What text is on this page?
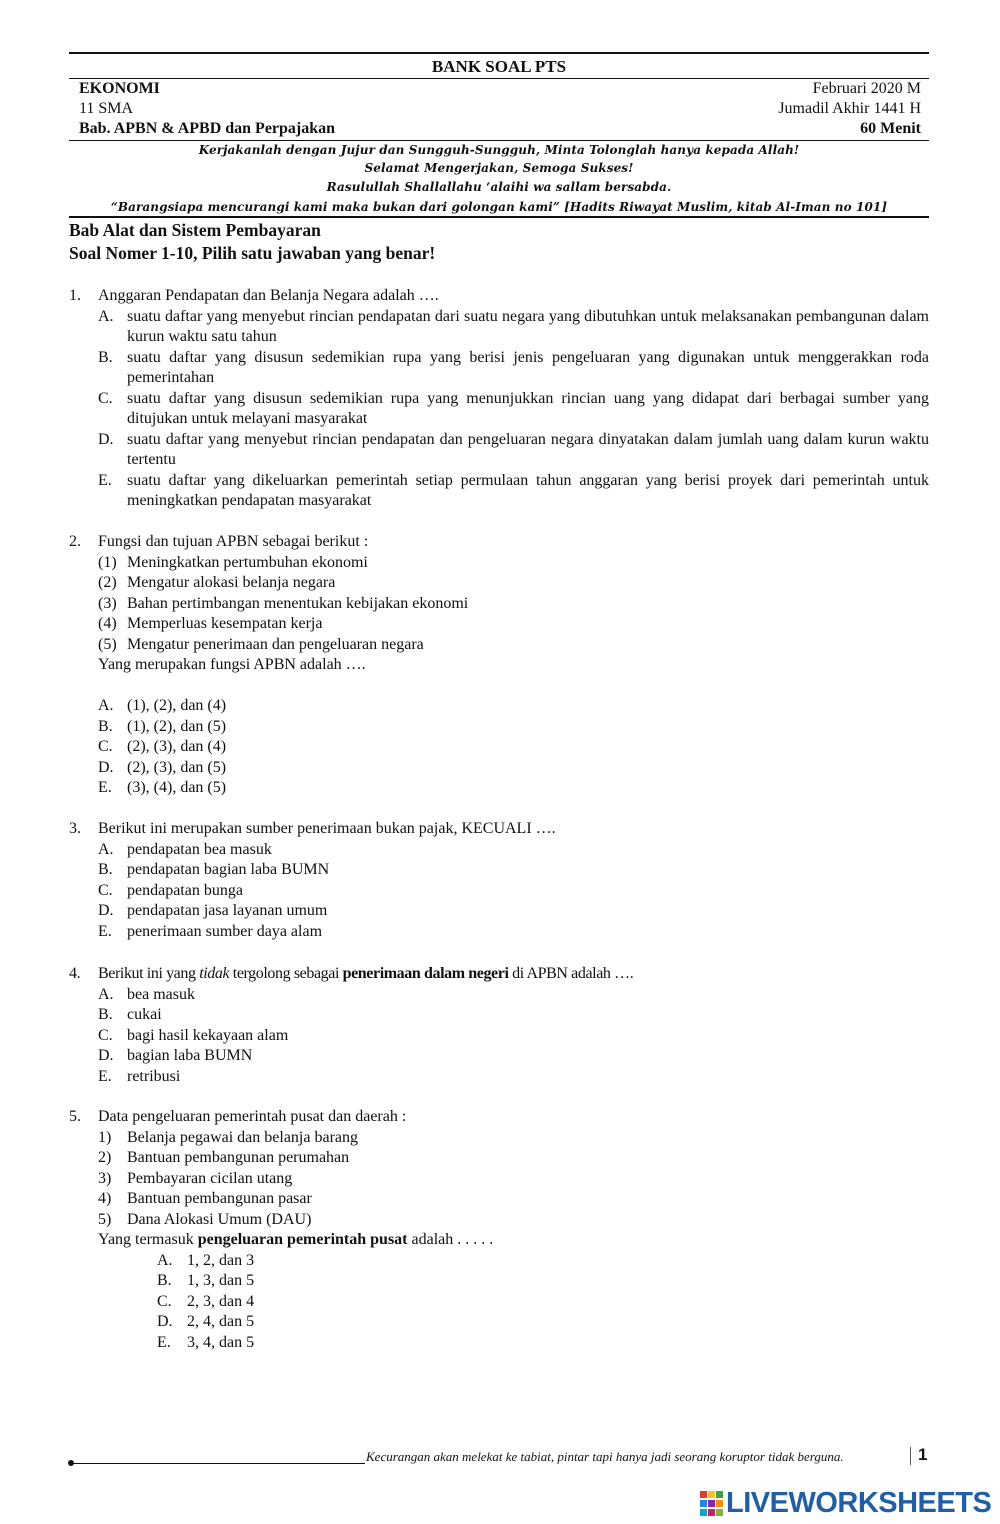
BANK SOAL PTS
EKONOMI	Februari 2020 M
11 SMA	Jumadil Akhir 1441 H
Bab. APBN & APBD dan Perpajakan	60 Menit
Kerjakanlah dengan Jujur dan Sungguh-Sungguh, Minta Tolonglah hanya kepada Allah!
Selamat Mengerjakan, Semoga Sukses!
Rasulullah Shallallahu ‘alaihi wa sallam bersabda.
“Barangsiapa mencurangi kami maka bukan dari golongan kami” [Hadits Riwayat Muslim, kitab Al-Iman no 101]
Bab Alat dan Sistem Pembayaran
Soal Nomer 1-10, Pilih satu jawaban yang benar!
1. Anggaran Pendapatan dan Belanja Negara adalah ….
A. suatu daftar yang menyebut rincian pendapatan dari suatu negara yang dibutuhkan untuk melaksanakan pembangunan dalam kurun waktu satu tahun
B. suatu daftar yang disusun sedemikian rupa yang berisi jenis pengeluaran yang digunakan untuk menggerakkan roda pemerintahan
C. suatu daftar yang disusun sedemikian rupa yang menunjukkan rincian uang yang didapat dari berbagai sumber yang ditujukan untuk melayani masyarakat
D. suatu daftar yang menyebut rincian pendapatan dan pengeluaran negara dinyatakan dalam jumlah uang dalam kurun waktu tertentu
E. suatu daftar yang dikeluarkan pemerintah setiap permulaan tahun anggaran yang berisi proyek dari pemerintah untuk meningkatkan pendapatan masyarakat
2. Fungsi dan tujuan APBN sebagai berikut :
(1) Meningkatkan pertumbuhan ekonomi
(2) Mengatur alokasi belanja negara
(3) Bahan pertimbangan menentukan kebijakan ekonomi
(4) Memperluas kesempatan kerja
(5) Mengatur penerimaan dan pengeluaran negara
Yang merupakan fungsi APBN adalah ….
A. (1), (2), dan (4)
B. (1), (2), dan (5)
C. (2), (3), dan (4)
D. (2), (3), dan (5)
E. (3), (4), dan (5)
3. Berikut ini merupakan sumber penerimaan bukan pajak, KECUALI ….
A. pendapatan bea masuk
B. pendapatan bagian laba BUMN
C. pendapatan bunga
D. pendapatan jasa layanan umum
E. penerimaan sumber daya alam
4. Berikut ini yang tidak tergolong sebagai penerimaan dalam negeri di APBN adalah ….
A. bea masuk
B. cukai
C. bagi hasil kekayaan alam
D. bagian laba BUMN
E. retribusi
5. Data pengeluaran pemerintah pusat dan daerah :
1) Belanja pegawai dan belanja barang
2) Bantuan pembangunan perumahan
3) Pembayaran cicilan utang
4) Bantuan pembangunan pasar
5) Dana Alokasi Umum (DAU)
Yang termasuk pengeluaran pemerintah pusat adalah . . . . .
A. 1, 2, dan 3
B. 1, 3, dan 5
C. 2, 3, dan 4
D. 2, 4, dan 5
E. 3, 4, dan 5
Kecurangan akan melekat ke tabiat, pintar tapi hanya jadi seorang koruptor tidak berguna.	1
LIVEWORKSHEETS
